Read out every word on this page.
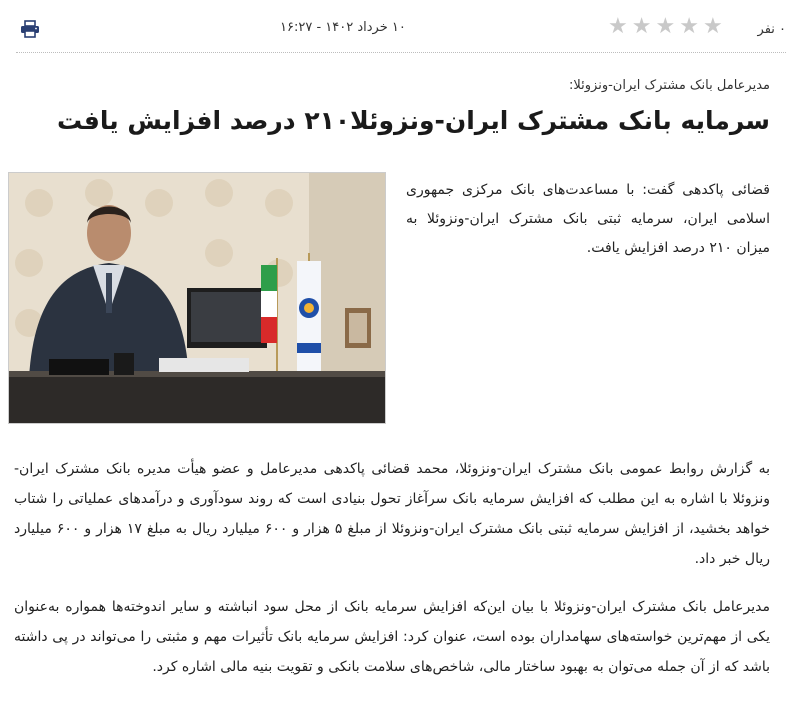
۱۰ خرداد ۱۴۰۲ - ۱۶:۲۷	★ ★ ★ ★ ★	۰ نفر
مدیرعامل بانک مشترک ایران-ونزوئلا:
سرمایه بانک مشترک ایران-ونزوئلا۲۱۰ درصد افزایش یافت
قضائی پاکدهی گفت: با مساعدت‌های بانک مرکزی جمهوری اسلامی ایران، سرمایه ثبتی بانک مشترک ایران-ونزوئلا به میزان ۲۱۰ درصد افزایش یافت.

به گزارش روابط عمومی بانک مشترک ایران-ونزوئلا، محمد قضائی پاکدهی مدیرعامل و عضو هیأت مدیره بانک مشترک ایران-ونزوئلا با اشاره به این مطلب که افزایش سرمایه بانک سرآغاز تحول بنیادی است که روند سودآوری و درآمدهای عملیاتی را شتاب خواهد بخشید، از افزایش سرمایه ثبتی بانک مشترک ایران-ونزوئلا از مبلغ ۵ هزار و ۶۰۰ میلیارد ریال به مبلغ ۱۷ هزار و ۶۰۰ میلیارد ریال خبر داد.

مدیرعامل بانک مشترک ایران-ونزوئلا با بیان این‌که افزایش سرمایه بانک از محل سود انباشته و سایر اندوخته‌ها همواره به‌عنوان یکی از مهم‌ترین خواسته‌های سهامداران بوده است، عنوان کرد: افزایش سرمایه بانک تأثیرات مهم و مثبتی را می‌تواند در پی داشته باشد که از آن جمله می‌توان به بهبود ساختار مالی، شاخص‌های سلامت بانکی و تقویت بنیه مالی اشاره کرد.
